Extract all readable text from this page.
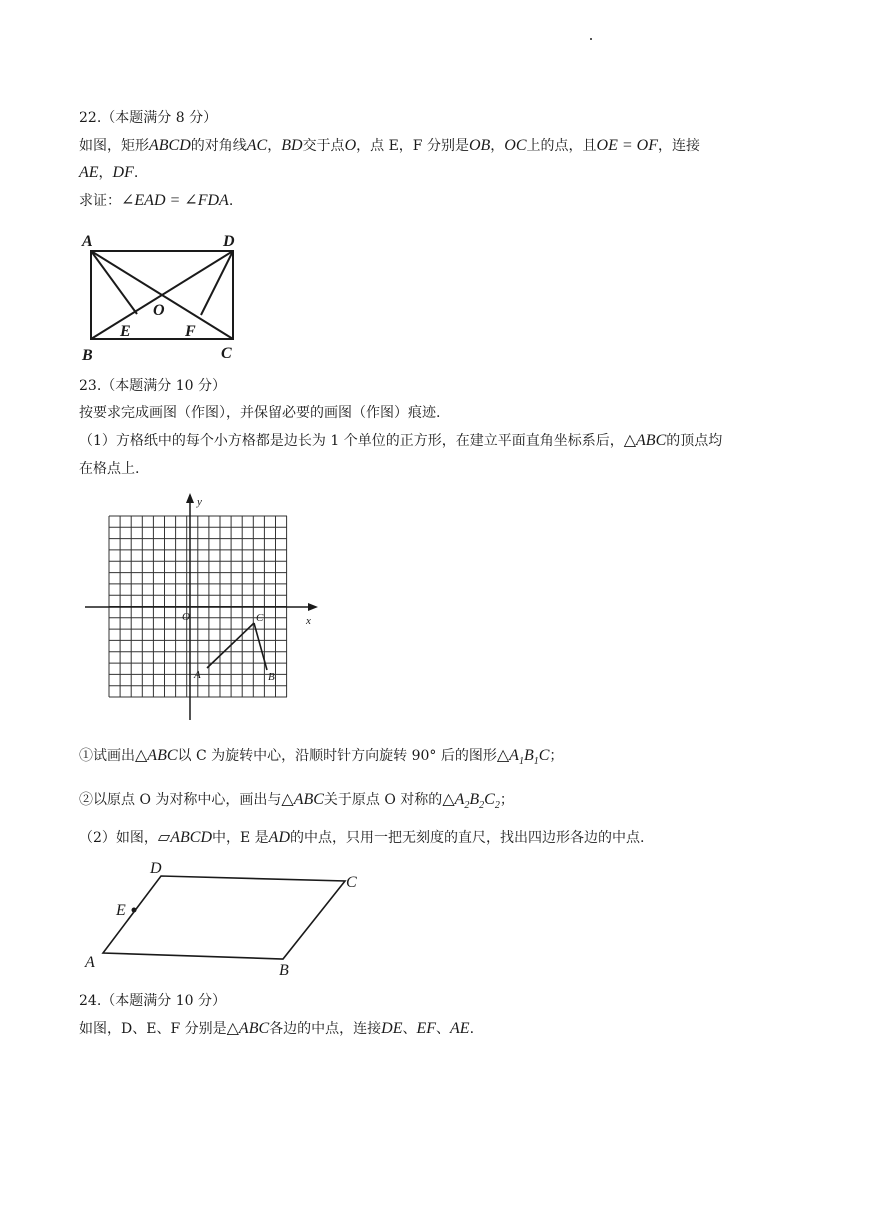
22.（本题满分 8 分）
如图，矩形ABCD的对角线AC，BD交于点O，点 E，F 分别是OB，OC上的点，且OE = OF，连接
AE，DF.
求证：∠EAD = ∠FDA.
A	D
B	C
O
E	F
23.（本题满分 10 分）
按要求完成画图（作图），并保留必要的画图（作图）痕迹.
（1）方格纸中的每个小方格都是边长为 1 个单位的正方形，在建立平面直角坐标系后，△ABC的顶点均
在格点上.
y
x
O
A	B
C
①试画出△ABC以 C 为旋转中心，沿顺时针方向旋转 90° 后的图形$\triangle A_1B_1C$；
②以原点 O 为对称中心，画出与△ABC关于原点 O 对称的$\triangle A_2B_2C_2$；
（2）如图，▱ABCD中，E 是AD的中点，只用一把无刻度的直尺，找出四边形各边的中点.
D
C
E
A	B
24.（本题满分 10 分）
如图，D、E、F 分别是△ABC各边的中点，连接DE、EF、AE.
